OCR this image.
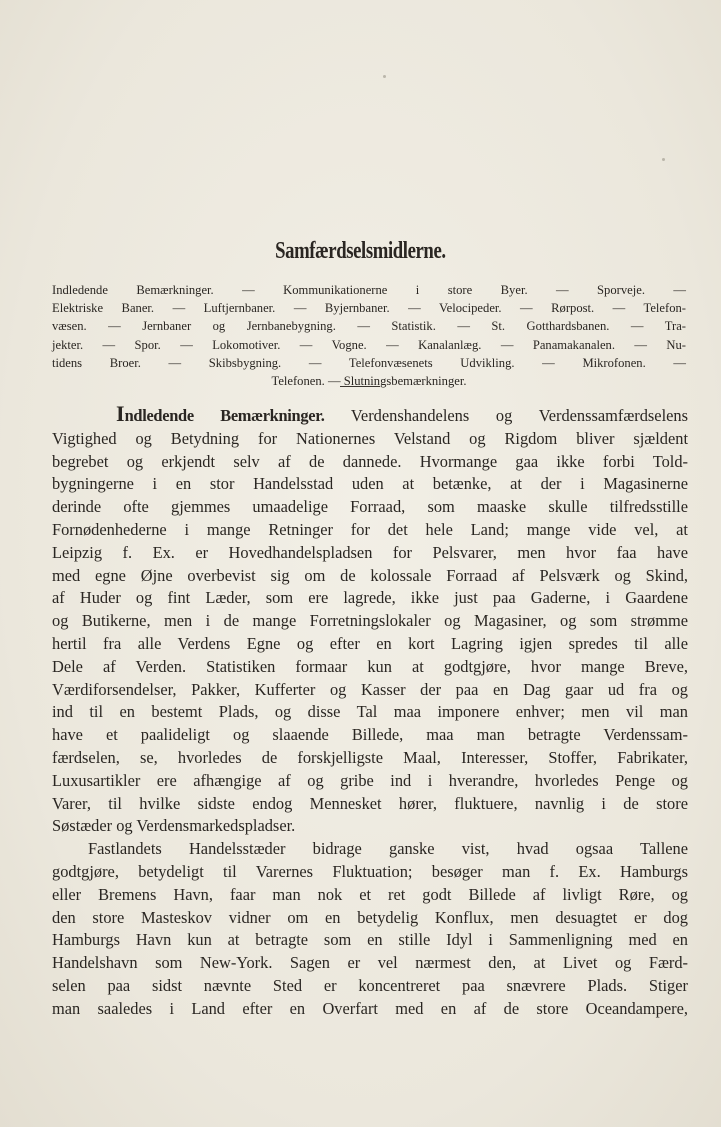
Samfærdselsmidlerne.
Indledende Bemærkninger. — Kommunikationerne i store Byer. — Sporveje. —
Elektriske Baner. — Luftjernbaner. — Byjernbaner. — Velocipeder. — Rørpost. — Telefon-
væsen. — Jernbaner og Jernbanebygning. — Statistik. — St. Gotthardsbanen. — Tra-
jekter. — Spor. — Lokomotiver. — Vogne. — Kanalanlæg. — Panamakanalen. — Nu-
tidens Broer. — Skibsbygning. — Telefonvæsenets Udvikling. — Mikrofonen. —
Telefonen. — Slutningsbemærkninger.
Indledende Bemærkninger. Verdenshandelens og Verdenssamfærdselens
Vigtighed og Betydning for Nationernes Velstand og Rigdom bliver sjældent
begrebet og erkjendt selv af de dannede. Hvormange gaa ikke forbi Told-
bygningerne i en stor Handelsstad uden at betænke, at der i Magasinerne
derinde ofte gjemmes umaadelige Forraad, som maaske skulle tilfredsstille
Fornødenhederne i mange Retninger for det hele Land; mange vide vel, at
Leipzig f. Ex. er Hovedhandelspladsen for Pelsvarer, men hvor faa have
med egne Øjne overbevist sig om de kolossale Forraad af Pelsværk og Skind,
af Huder og fint Læder, som ere lagrede, ikke just paa Gaderne, i Gaardene
og Butikerne, men i de mange Forretningslokaler og Magasiner, og som strømme
hertil fra alle Verdens Egne og efter en kort Lagring igjen spredes til alle
Dele af Verden. Statistiken formaar kun at godtgjøre, hvor mange Breve,
Værdiforsendelser, Pakker, Kufferter og Kasser der paa en Dag gaar ud fra og
ind til en bestemt Plads, og disse Tal maa imponere enhver; men vil man
have et paalideligt og slaaende Billede, maa man betragte Verdenssam-
færdselen, se, hvorledes de forskjelligste Maal, Interesser, Stoffer, Fabrikater,
Luxusartikler ere afhængige af og gribe ind i hverandre, hvorledes Penge og
Varer, til hvilke sidste endog Mennesket hører, fluktuere, navnlig i de store
Søstæder og Verdensmarkedspladser.
Fastlandets Handelsstæder bidrage ganske vist, hvad ogsaa Tallene
godtgjøre, betydeligt til Varernes Fluktuation; besøger man f. Ex. Hamburgs
eller Bremens Havn, faar man nok et ret godt Billede af livligt Røre, og
den store Masteskov vidner om en betydelig Konflux, men desuagtet er dog
Hamburgs Havn kun at betragte som en stille Idyl i Sammenligning med en
Handelshavn som New-York. Sagen er vel nærmest den, at Livet og Færd-
selen paa sidst nævnte Sted er koncentreret paa snævrere Plads. Stiger
man saaledes i Land efter en Overfart med en af de store Oceandampere,
